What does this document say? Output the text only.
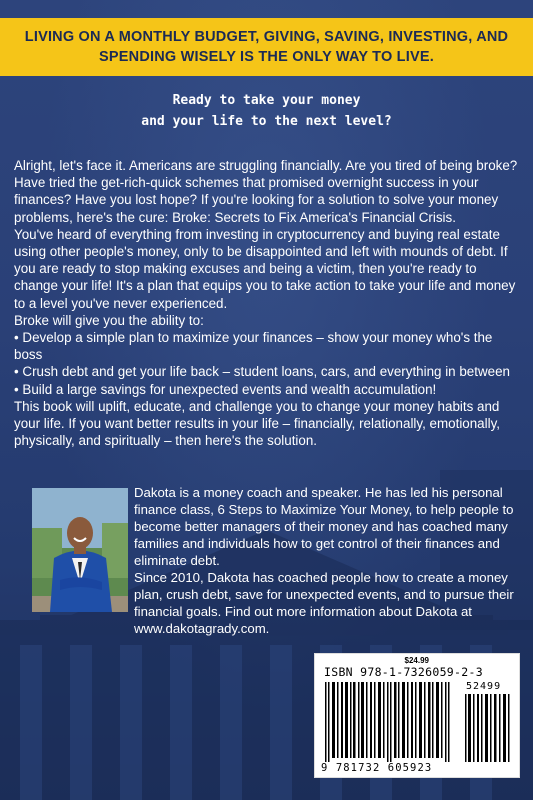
LIVING ON A MONTHLY BUDGET, GIVING, SAVING, INVESTING, AND
SPENDING WISELY IS THE ONLY WAY TO LIVE.
Ready to take your money
and your life to the next level?

Alright, let's face it. Americans are struggling financially. Are you tired of being broke? Have tried the get-rich-quick schemes that promised overnight success in your finances? Have you lost hope? If you're looking for a solution to solve your money problems, here's the cure: Broke: Secrets to Fix America's Financial Crisis.

You've heard of everything from investing in cryptocurrency and buying real estate using other people's money, only to be disappointed and left with mounds of debt. If you are ready to stop making excuses and being a victim, then you're ready to change your life! It's a plan that equips you to take action to take your life and money to a level you've never experienced.

Broke will give you the ability to:

• Develop a simple plan to maximize your finances – show your money who's the boss
• Crush debt and get your life back – student loans, cars, and everything in between
• Build a large savings for unexpected events and wealth accumulation!

This book will uplift, educate, and challenge you to change your money habits and your life. If you want better results in your life – financially, relationally, emotionally, physically, and spiritually – then here's the solution.

Dakota is a money coach and speaker. He has led his personal finance class, 6 Steps to Maximize Your Money, to help people to become better managers of their money and has coached many families and individuals how to get control of their finances and eliminate debt.

Since 2010, Dakota has coached people how to create a money plan, crush debt, save for unexpected events, and to pursue their financial goals. Find out more information about Dakota at www.dakotagrady.com.

$24.99
ISBN 978-1-7326059-2-3
52499
9 781732 605923
